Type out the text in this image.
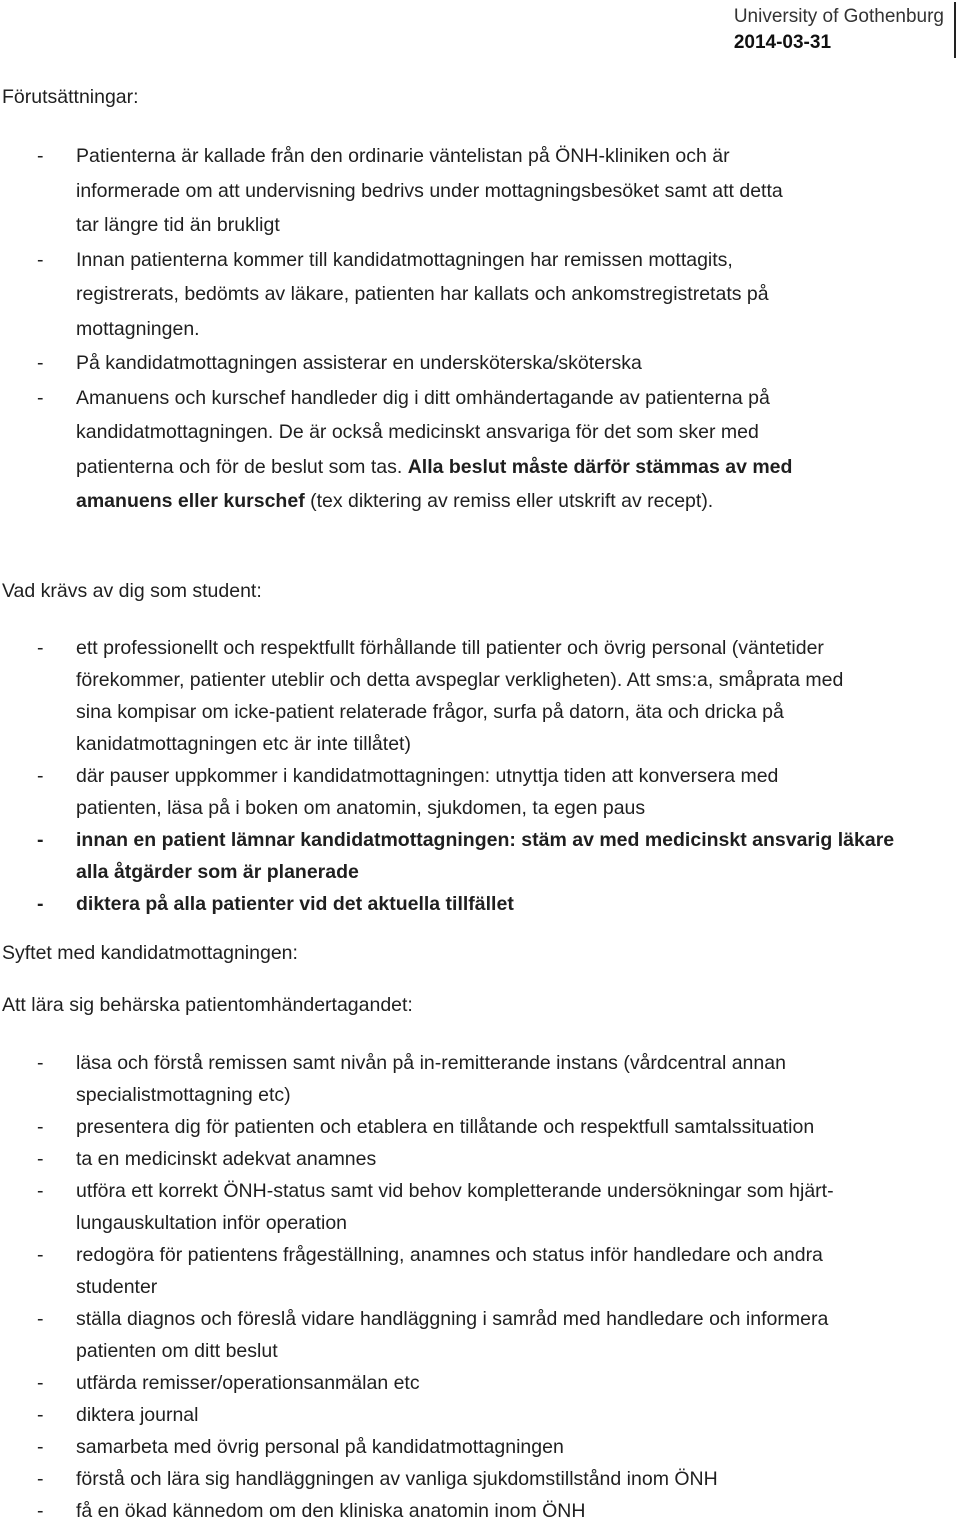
University of Gothenburg
2014-03-31
Förutsättningar:
- Patienterna är kallade från den ordinarie väntelistan på ÖNH-kliniken och är
informerade om att undervisning bedrivs under mottagningsbesöket samt att detta
tar längre tid än brukligt
- Innan patienterna kommer till kandidatmottagningen har remissen mottagits,
registrerats, bedömts av läkare, patienten har kallats och ankomstregistretats på
mottagningen.
- På kandidatmottagningen assisterar en undersköterska/sköterska
- Amanuens och kurschef handleder dig i ditt omhändertagande av patienterna på
kandidatmottagningen. De är också medicinskt ansvariga för det som sker med
patienterna och för de beslut som tas. Alla beslut måste därför stämmas av med
amanuens eller kurschef (tex diktering av remiss eller utskrift av recept).
Vad krävs av dig som student:
- ett professionellt och respektfullt förhållande till patienter och övrig personal (väntetider
förekommer, patienter uteblir och detta avspeglar verkligheten). Att sms:a, småprata med
sina kompisar om icke-patient relaterade frågor, surfa på datorn, äta och dricka på
kanidatmottagningen etc är inte tillåtet)
- där pauser uppkommer i kandidatmottagningen: utnyttja tiden att konversera med
patienten, läsa på i boken om anatomin, sjukdomen, ta egen paus
- innan en patient lämnar kandidatmottagningen: stäm av med medicinskt ansvarig läkare
alla åtgärder som är planerade
- diktera på alla patienter vid det aktuella tillfället
Syftet med kandidatmottagningen:
Att lära sig behärska patientomhändertagandet:
- läsa och förstå remissen samt nivån på in-remitterande instans (vårdcentral annan
specialistmottagning etc)
- presentera dig för patienten och etablera en tillåtande och respektfull samtalssituation
- ta en medicinskt adekvat anamnes
- utföra ett korrekt ÖNH-status samt vid behov kompletterande undersökningar som hjärt-
lungauskultation inför operation
- redogöra för patientens frågeställning, anamnes och status inför handledare och andra
studenter
- ställa diagnos och föreslå vidare handläggning i samråd med handledare och informera
patienten om ditt beslut
- utfärda remisser/operationsanmälan etc
- diktera journal
- samarbeta med övrig personal på kandidatmottagningen
- förstå och lära sig handläggningen av vanliga sjukdomstillstånd inom ÖNH
- få en ökad kännedom om den kliniska anatomin inom ÖNH
